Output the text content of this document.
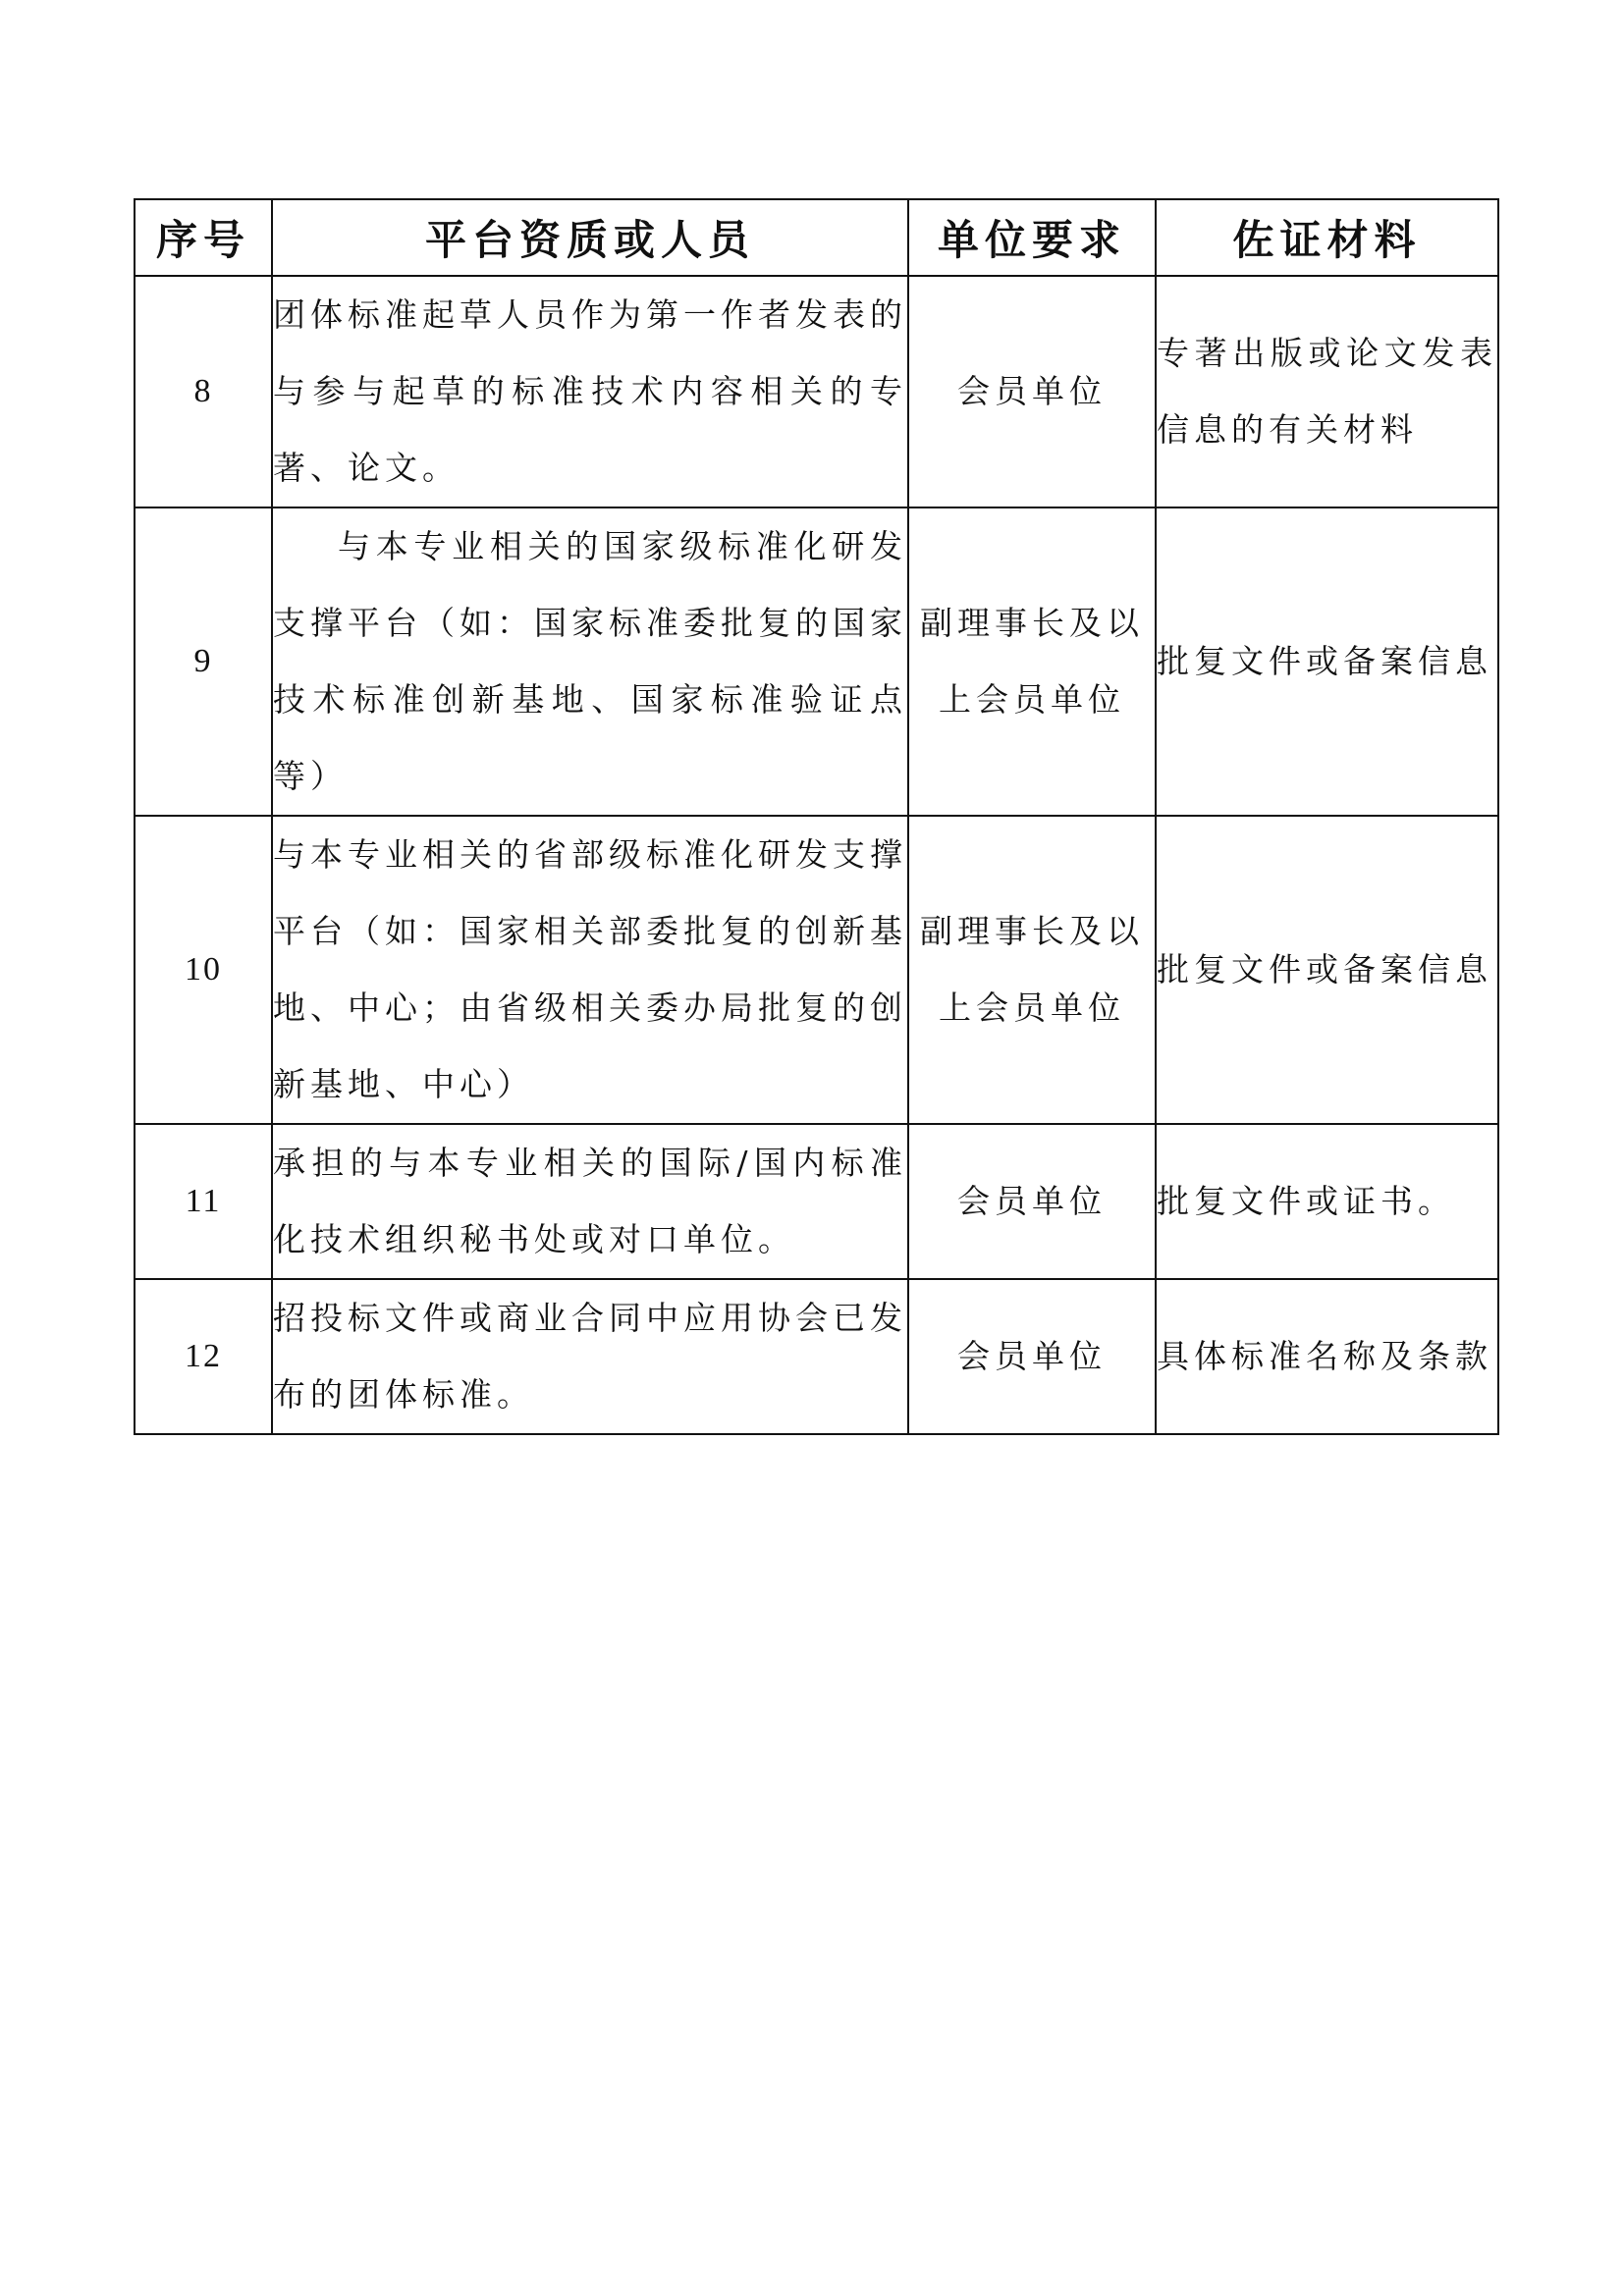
序号	平台资质或人员	单位要求	佐证材料
8	团体标准起草人员作为第一作者发表的与参与起草的标准技术内容相关的专著、论文。	会员单位	专著出版或论文发表信息的有关材料

9	与本专业相关的国家级标准化研发支撑平台（如：国家标准委批复的国家技术标准创新基地、国家标准验证点等）	副理事长及以上会员单位	批复文件或备案信息

10	与本专业相关的省部级标准化研发支撑平台（如：国家相关部委批复的创新基地、中心；由省级相关委办局批复的创新基地、中心）	副理事长及以上会员单位	批复文件或备案信息

11	承担的与本专业相关的国际/国内标准化技术组织秘书处或对口单位。	会员单位	批复文件或证书。

12	招投标文件或商业合同中应用协会已发布的团体标准。	会员单位	具体标准名称及条款
